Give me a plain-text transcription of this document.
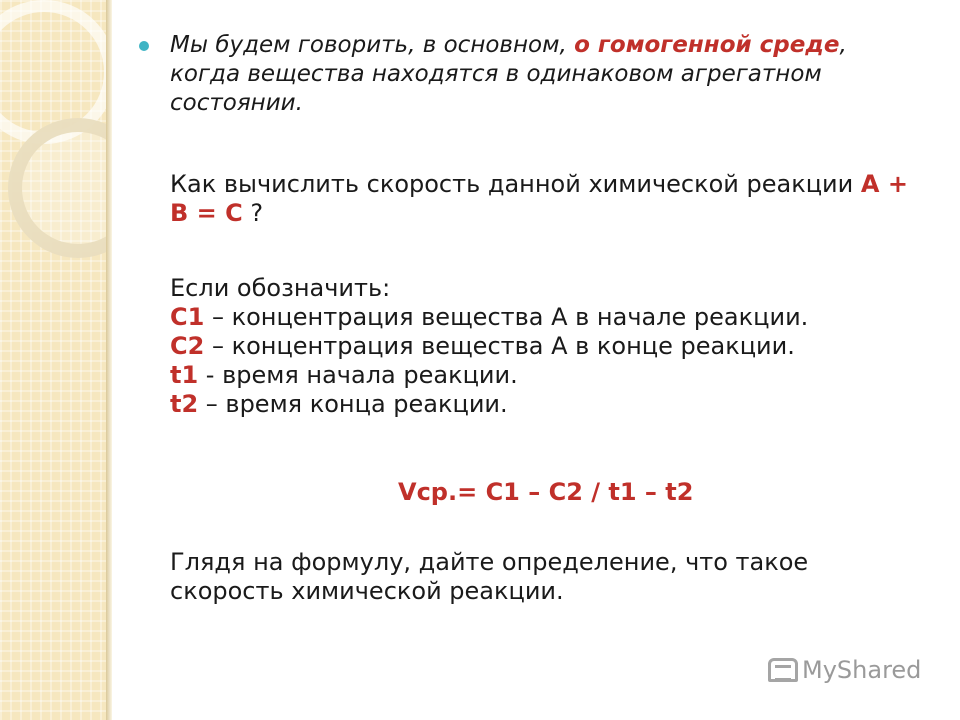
Мы будем говорить, в основном, о гомогенной среде, когда вещества находятся в одинаковом агрегатном состоянии.

Как вычислить скорость данной химической реакции А + В = С ?

Если обозначить:
С1 – концентрация вещества А в начале реакции.
С2 – концентрация вещества А в конце реакции.
t1 - время начала реакции.
t2 – время конца реакции.
Vср.= С1 – С2 / t1 – t2

Глядя на формулу, дайте определение, что такое скорость химической реакции.

MyShared
